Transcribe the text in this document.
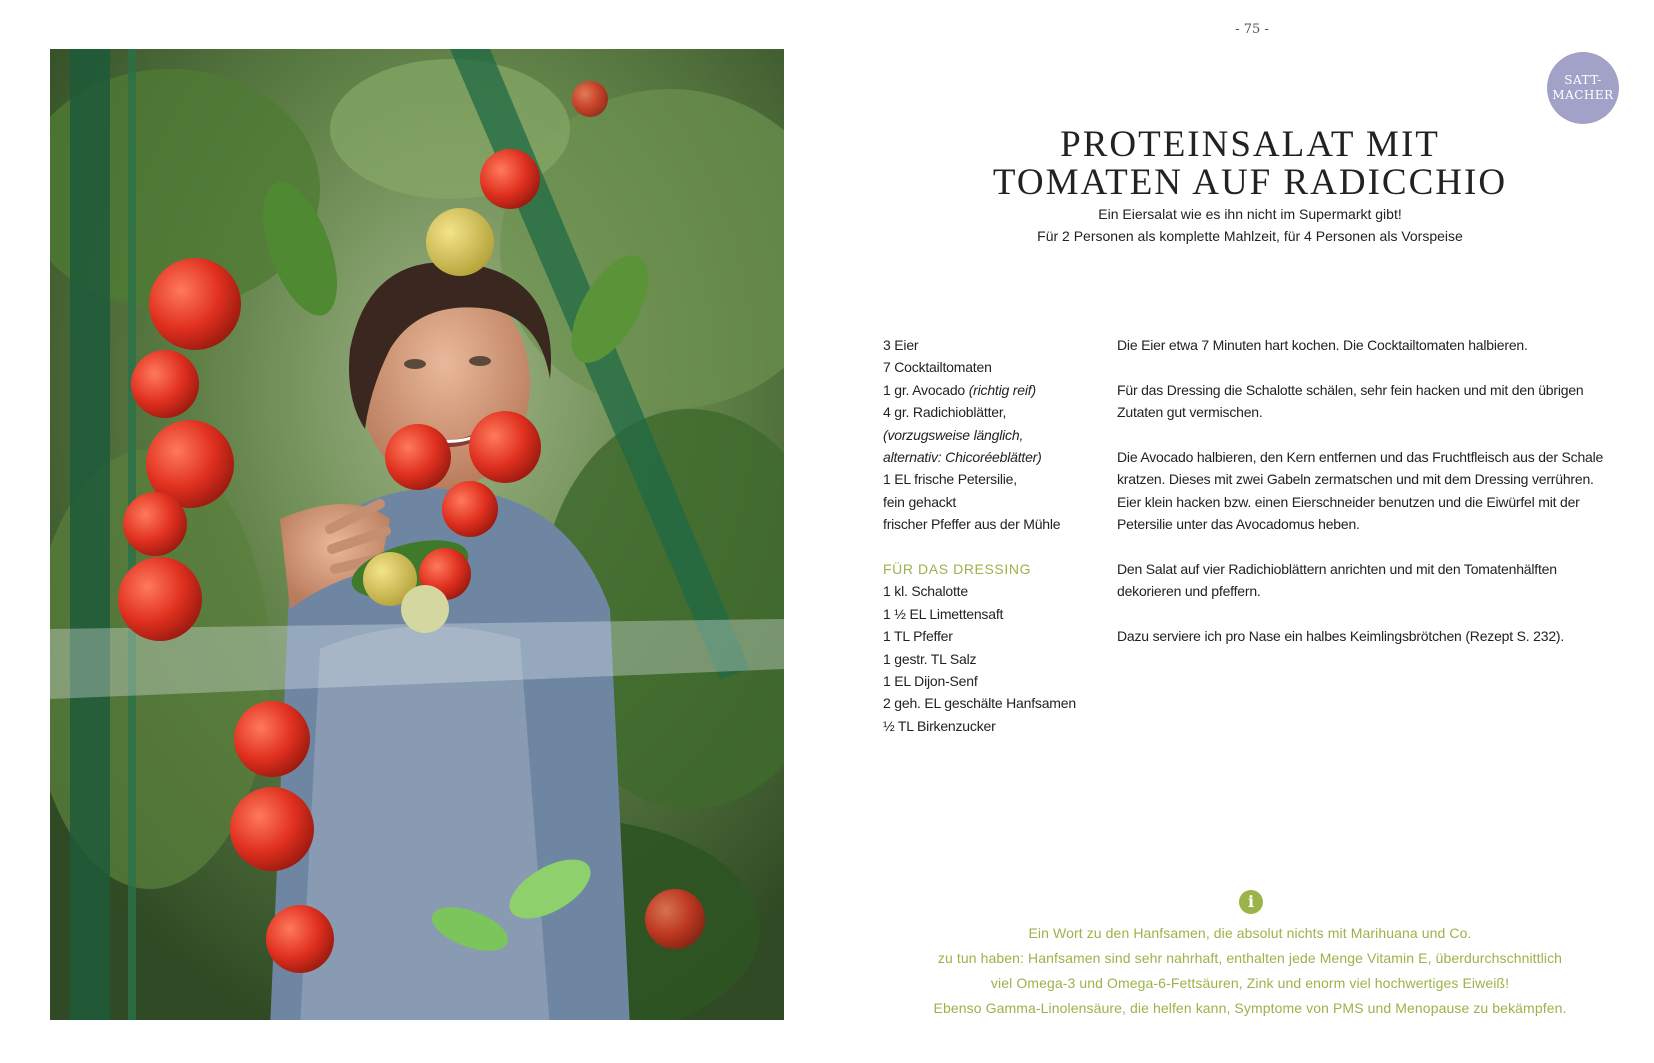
- 75 -
SATT-
MACHER
PROTEINSALAT MIT
TOMATEN AUF RADICCHIO
Ein Eiersalat wie es ihn nicht im Supermarkt gibt!
Für 2 Personen als komplette Mahlzeit, für 4 Personen als Vorspeise
3 Eier
7 Cocktailtomaten
1 gr. Avocado (richtig reif)
4 gr. Radichioblätter,
(vorzugsweise länglich,
alternativ: Chicoréeblätter)
1 EL frische Petersilie,
fein gehackt
frischer Pfeffer aus der Mühle
FÜR DAS DRESSING
1 kl. Schalotte
1 ½ EL Limettensaft
1 TL Pfeffer
1 gestr. TL Salz
1 EL Dijon-Senf
2 geh. EL geschälte Hanfsamen
½ TL Birkenzucker

Die Eier etwa 7 Minuten hart kochen. Die Cocktailtomaten halbieren.

Für das Dressing die Schalotte schälen, sehr fein hacken und mit den übrigen Zutaten gut vermischen.

Die Avocado halbieren, den Kern entfernen und das Fruchtfleisch aus der Schale kratzen. Dieses mit zwei Gabeln zermatschen und mit dem Dressing verrühren. Eier klein hacken bzw. einen Eierschneider benutzen und die Eiwürfel mit der Petersilie unter das Avocadomus heben.

Den Salat auf vier Radichioblättern anrichten und mit den Tomatenhälften dekorieren und pfeffern.

Dazu serviere ich pro Nase ein halbes Keimlingsbrötchen (Rezept S. 232).

i
Ein Wort zu den Hanfsamen, die absolut nichts mit Marihuana und Co.
zu tun haben: Hanfsamen sind sehr nahrhaft, enthalten jede Menge Vitamin E, überdurchschnittlich
viel Omega-3 und Omega-6-Fettsäuren, Zink und enorm viel hochwertiges Eiweiß!
Ebenso Gamma-Linolensäure, die helfen kann, Symptome von PMS und Menopause zu bekämpfen.
